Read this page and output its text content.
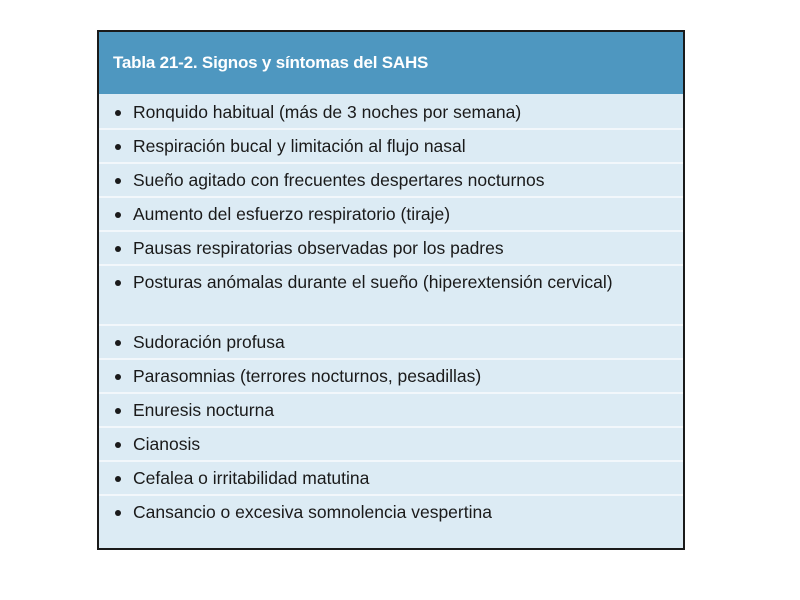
Tabla 21-2. Signos y síntomas del SAHS
Ronquido habitual (más de 3 noches por semana)
Respiración bucal y limitación al flujo nasal
Sueño agitado con frecuentes despertares nocturnos
Aumento del esfuerzo respiratorio (tiraje)
Pausas respiratorias observadas por los padres
Posturas anómalas durante el sueño (hiperextensión cervical)
Sudoración profusa
Parasomnias (terrores nocturnos, pesadillas)
Enuresis nocturna
Cianosis
Cefalea o irritabilidad matutina
Cansancio o excesiva somnolencia vespertina
